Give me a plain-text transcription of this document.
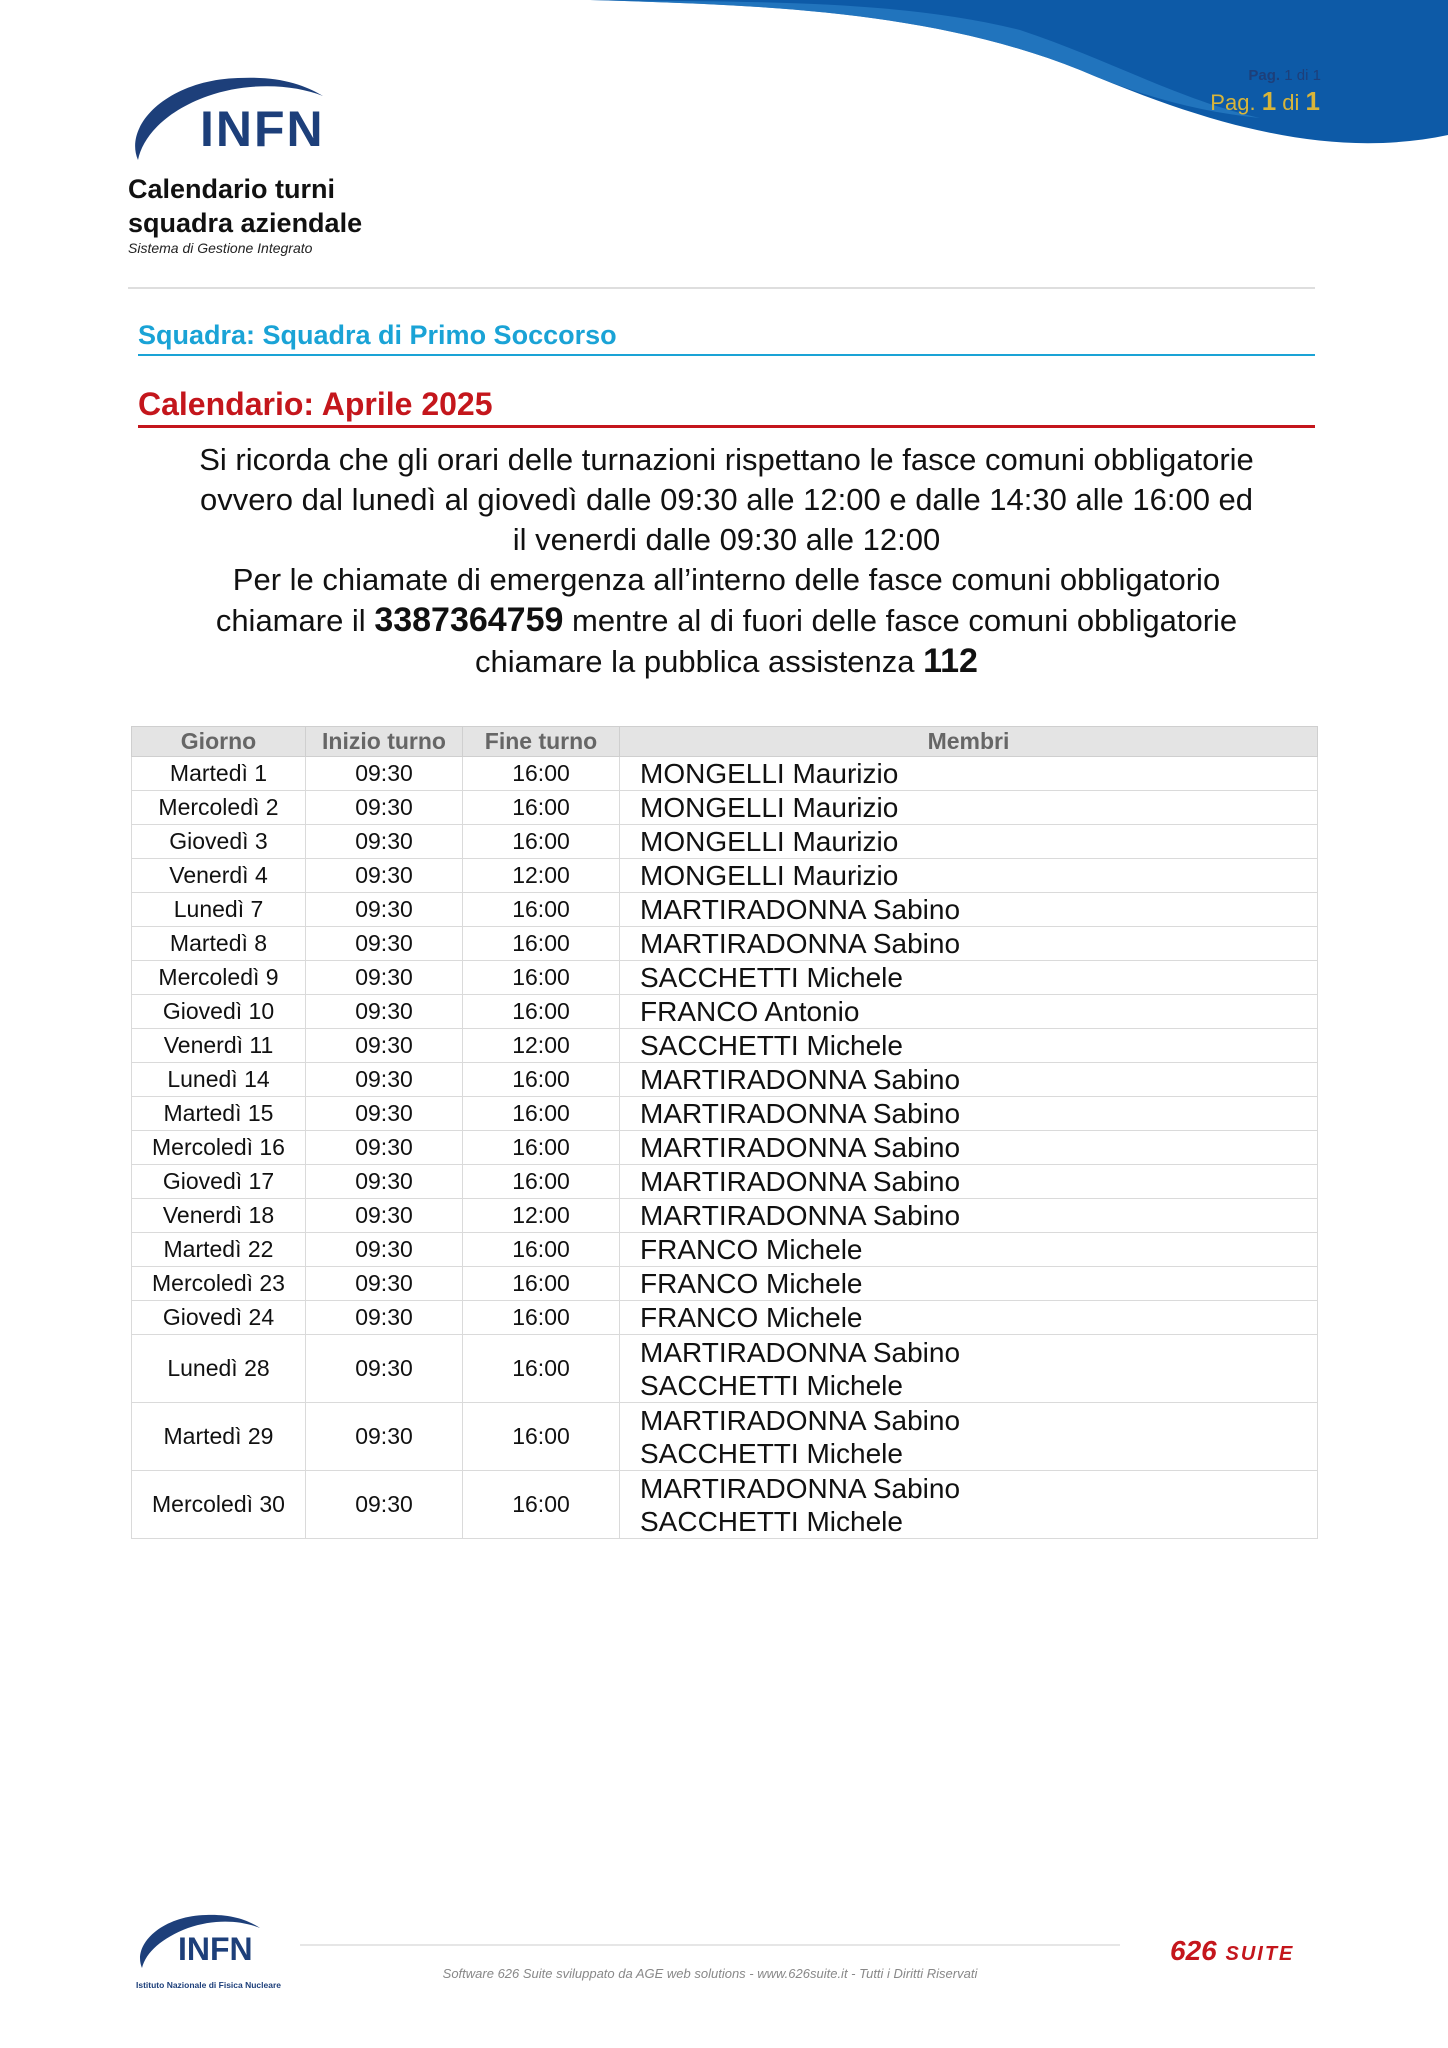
Pag. 1 di 1
Pag. 1 di 1
INFN
Calendario turni
squadra aziendale
Sistema di Gestione Integrato
Squadra: Squadra di Primo Soccorso
Calendario: Aprile 2025
Si ricorda che gli orari delle turnazioni rispettano le fasce comuni obbligatorie
ovvero dal lunedì al giovedì dalle 09:30 alle 12:00 e dalle 14:30 alle 16:00 ed
il venerdi dalle 09:30 alle 12:00
Per le chiamate di emergenza all’interno delle fasce comuni obbligatorio
chiamare il 3387364759 mentre al di fuori delle fasce comuni obbligatorie
chiamare la pubblica assistenza 112
Giorno	Inizio turno	Fine turno	Membri
Martedì 1	09:30	16:00	MONGELLI Maurizio

Mercoledì 2	09:30	16:00	MONGELLI Maurizio

Giovedì 3	09:30	16:00	MONGELLI Maurizio

Venerdì 4	09:30	12:00	MONGELLI Maurizio

Lunedì 7	09:30	16:00	MARTIRADONNA Sabino

Martedì 8	09:30	16:00	MARTIRADONNA Sabino

Mercoledì 9	09:30	16:00	SACCHETTI Michele

Giovedì 10	09:30	16:00	FRANCO Antonio

Venerdì 11	09:30	12:00	SACCHETTI Michele

Lunedì 14	09:30	16:00	MARTIRADONNA Sabino

Martedì 15	09:30	16:00	MARTIRADONNA Sabino

Mercoledì 16	09:30	16:00	MARTIRADONNA Sabino

Giovedì 17	09:30	16:00	MARTIRADONNA Sabino

Venerdì 18	09:30	12:00	MARTIRADONNA Sabino

Martedì 22	09:30	16:00	FRANCO Michele

Mercoledì 23	09:30	16:00	FRANCO Michele

Giovedì 24	09:30	16:00	FRANCO Michele

Lunedì 28	09:30	16:00	MARTIRADONNA Sabino
SACCHETTI Michele

Martedì 29	09:30	16:00	MARTIRADONNA Sabino
SACCHETTI Michele

Mercoledì 30	09:30	16:00	MARTIRADONNA Sabino
SACCHETTI Michele
INFN
Istituto Nazionale di Fisica Nucleare
Software 626 Suite sviluppato da AGE web solutions - www.626suite.it - Tutti i Diritti Riservati
626 SUITE
